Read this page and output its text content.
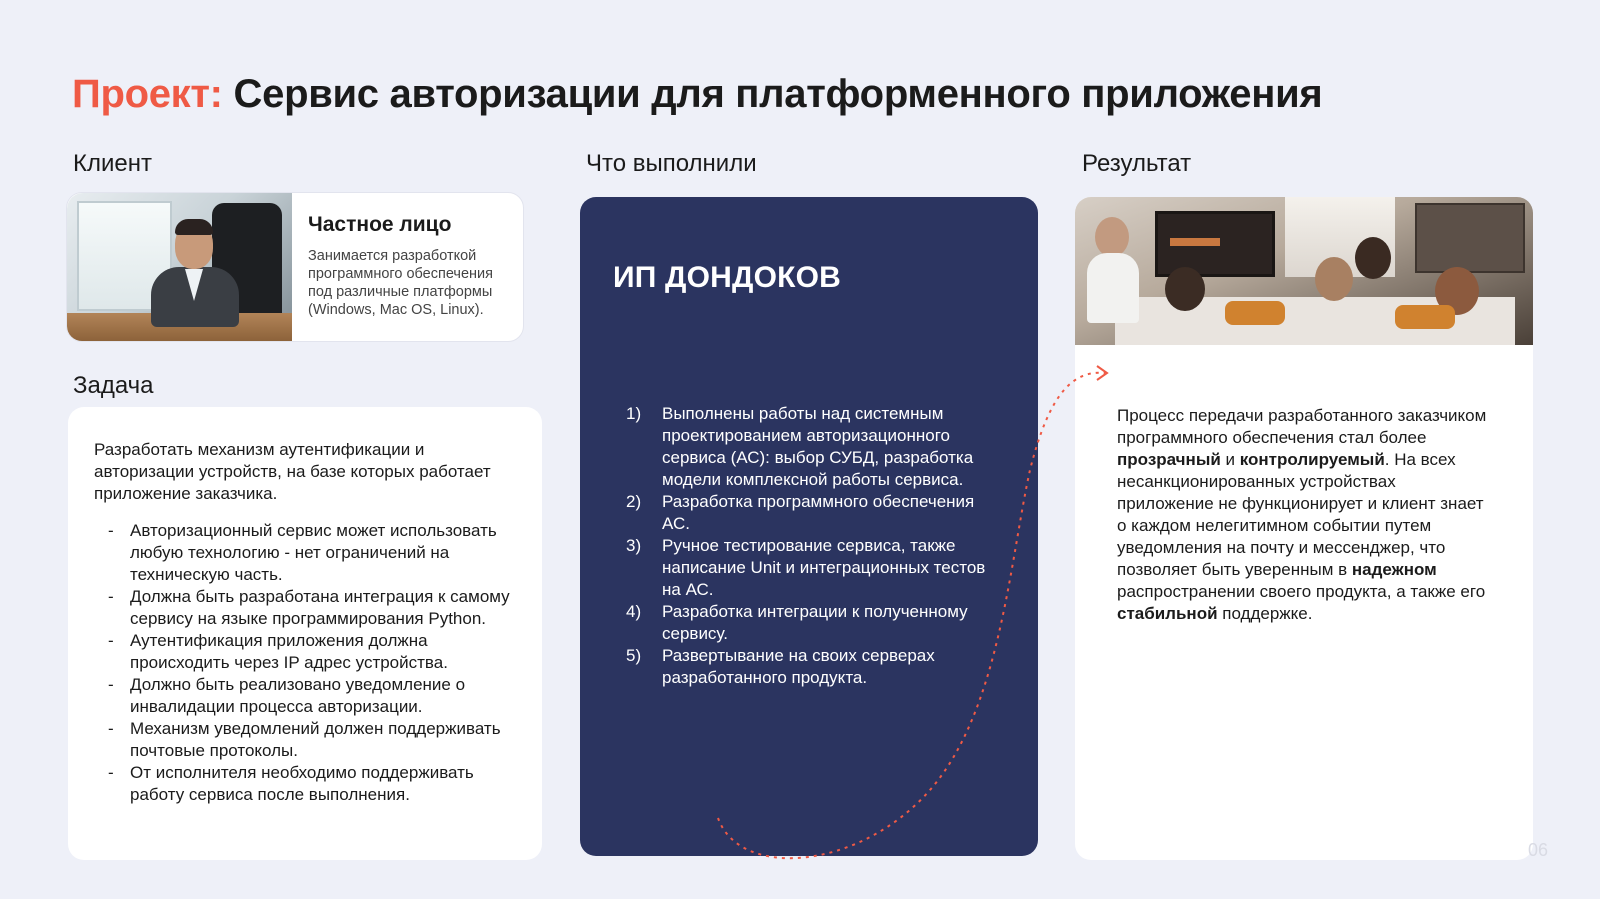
Проект: Сервис авторизации для платформенного приложения
Клиент	Что выполнили	Результат
Задача
Частное лицо
Занимается разработкой программного обеспечения под различные платформы (Windows, Mac OS, Linux).
Разработать механизм аутентификации и авторизации устройств, на базе которых работает приложение заказчика.
- Авторизационный сервис может использовать любую технологию - нет ограничений на техническую часть.
- Должна быть разработана интеграция к самому сервису на языке программирования Python.
- Аутентификация приложения должна происходить через IP адрес устройства.
- Должно быть реализовано уведомление о инвалидации процесса авторизации.
- Механизм уведомлений должен поддерживать почтовые протоколы.
- От исполнителя необходимо поддерживать работу сервиса после выполнения.
ИП ДОНДОКОВ
1) Выполнены работы над системным проектированием авторизационного сервиса (АС): выбор СУБД, разработка модели комплексной работы сервиса.
2) Разработка программного обеспечения АС.
3) Ручное тестирование сервиса, также написание Unit и интеграционных тестов на АС.
4) Разработка интеграции к полученному сервису.
5) Развертывание на своих серверах разработанного продукта.
Процесс передачи разработанного заказчиком программного обеспечения стал более прозрачный и контролируемый. На всех несанкционированных устройствах приложение не функционирует и клиент знает о каждом нелегитимном событии путем уведомления на почту и мессенджер, что позволяет быть уверенным в надежном распространении своего продукта, а также его стабильной поддержке.
06
